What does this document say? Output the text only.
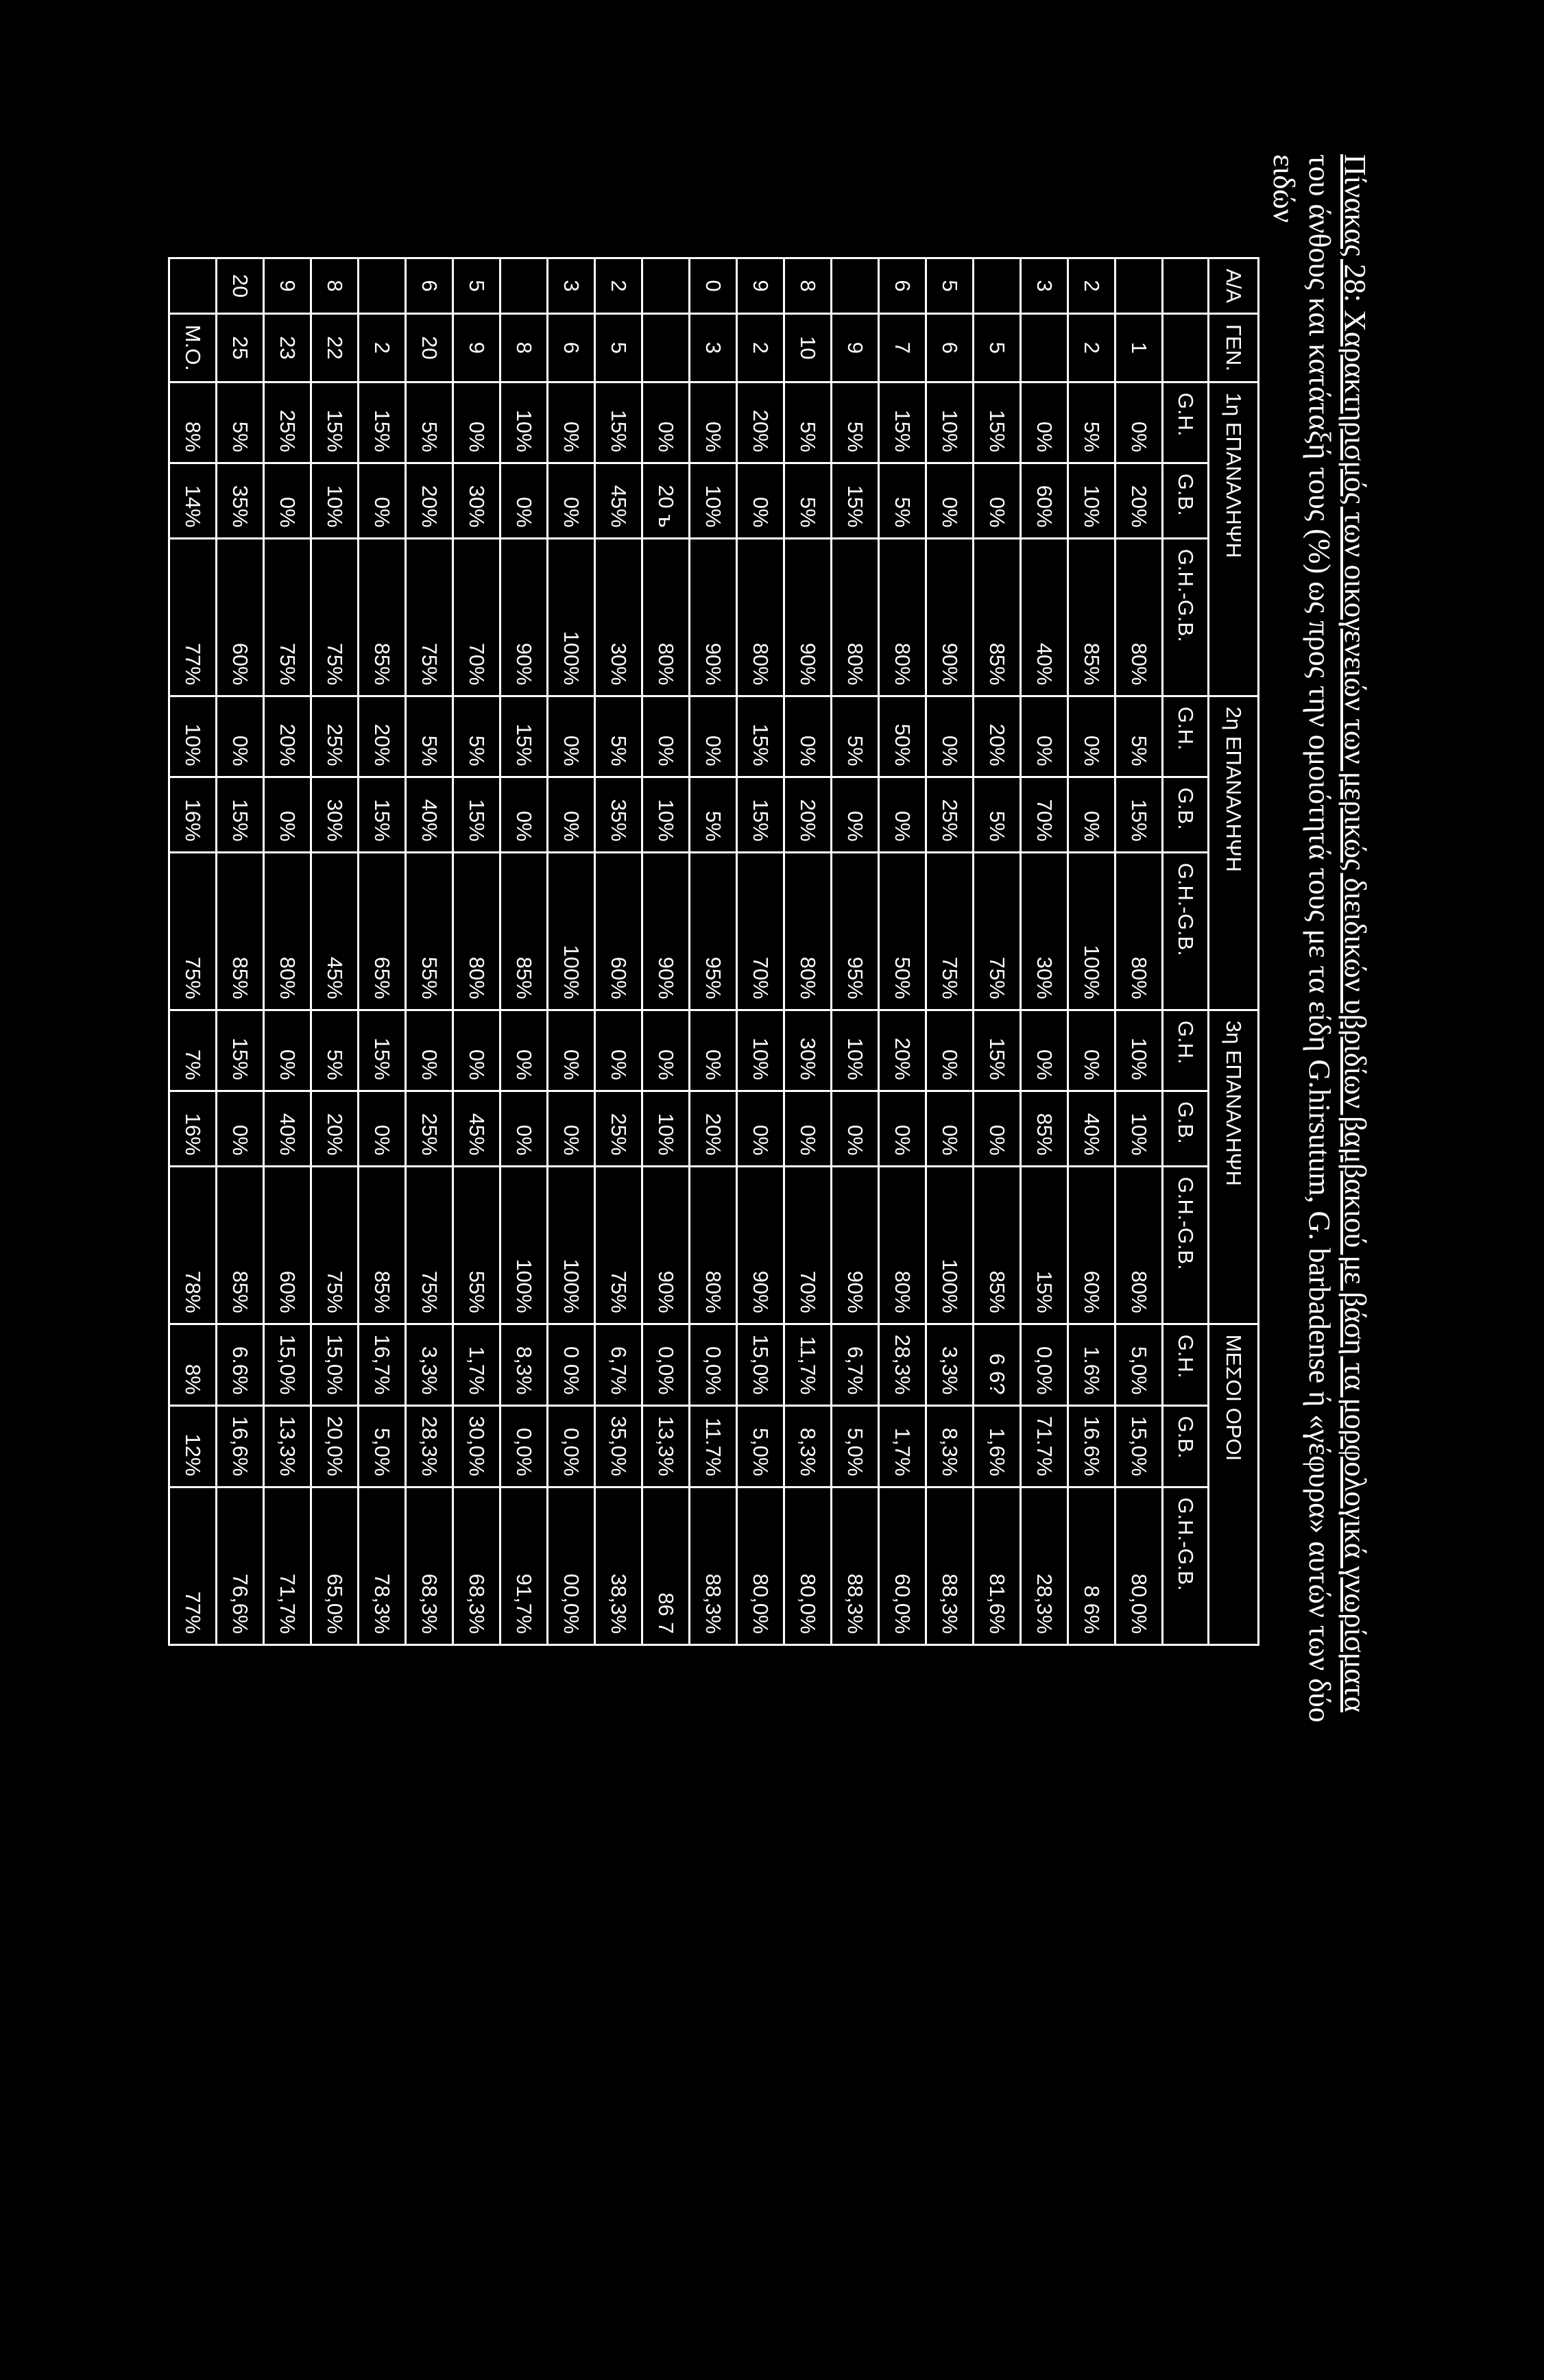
Πίνακας 28: Χαρακτηρισμός των οικογενειών των μερικώς διειδικών υβριδίων βαμβακιού με βάση τα μορφολογικά γνωρίσματα
του άνθους και κατάταξή τους (%) ως προς την ομοιότητά τους με τα είδη G.hirsutum, G. barbadense ή «γέφυρα» αυτών των δύο
ειδών
Α/Α	ΓΕΝ.	1η ΕΠΑΝΑΛΗΨΗ			2η ΕΠΑΝΑΛΗΨΗ			3η ΕΠΑΝΑΛΗΨΗ			ΜΕΣΟΙ ΟΡΟΙ		
		G.H.	G.B.	G.H.-G.B.	G.H.	G.B.	G.H.-G.B.	G.H.	G.B.	G.H.-G.B.	G.H.	G.B.	G.H.-G.B.
	1	0%	20%	80%	5%	15%	80%	10%	10%	80%	5,0%	15,0%	80,0%
2	2	5%	10%	85%	0%	0%	100%	0%	40%	60%	1.6%	16.6%	8 6%
3		0%	60%	40%	0%	70%	30%	0%	85%	15%	0,0%	71.7%	28,3%
	5	15%	0%	85%	20%	5%	75%	15%	0%	85%	6 6?	1,6%	81,6%
5	6	10%	0%	90%	0%	25%	75%	0%	0%	100%	3,3%	8,3%	88,3%
6	7	15%	5%	80%	50%	0%	50%	20%	0%	80%	28,3%	1,7%	60,0%
	9	5%	15%	80%	5%	0%	95%	10%	0%	90%	6,7%	5,0%	88,3%
8	10	5%	5%	90%	0%	20%	80%	30%	0%	70%	11,7%	8,3%	80,0%
9	2	20%	0%	80%	15%	15%	70%	10%	0%	90%	15,0%	5,0%	80,0%
0	3	0%	10%	90%	0%	5%	95%	0%	20%	80%	0,0%	11.7%	88,3%
		0%	20 ъ	80%	0%	10%	90%	0%	10%	90%	0,0%	13,3%	86 7
2	5	15%	45%	30%	5%	35%	60%	0%	25%	75%	6,7%	35,0%	38,3%
3	6	0%	0%	100%	0%	0%	100%	0%	0%	100%	0 0%	0,0%	00,0%
	8	10%	0%	90%	15%	0%	85%	0%	0%	100%	8,3%	0,0%	91,7%
5	9	0%	30%	70%	5%	15%	80%	0%	45%	55%	1,7%	30,0%	68,3%
6	20	5%	20%	75%	5%	40%	55%	0%	25%	75%	3,3%	28,3%	68,3%
	2	15%	0%	85%	20%	15%	65%	15%	0%	85%	16,7%	5,0%	78,3%
8	22	15%	10%	75%	25%	30%	45%	5%	20%	75%	15,0%	20,0%	65,0%
9	23	25%	0%	75%	20%	0%	80%	0%	40%	60%	15,0%	13,3%	71,7%
20	25	5%	35%	60%	0%	15%	85%	15%	0%	85%	6.6%	16,6%	76,6%
	M.O.	8%	14%	77%	10%	16%	75%	7%	16%	78%	8%	12%	77%
